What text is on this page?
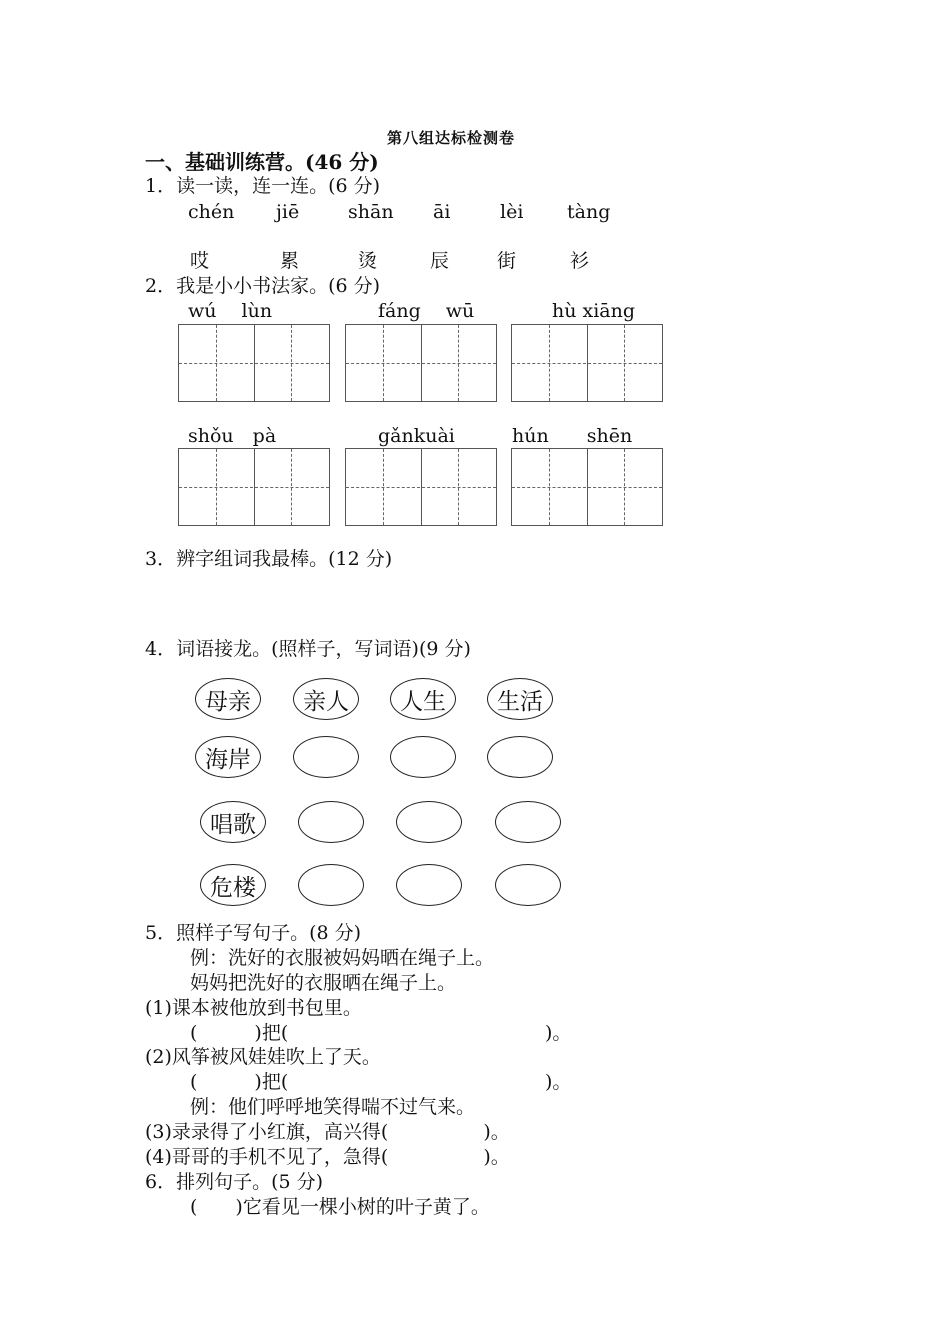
第八组达标检测卷
一、基础训练营。(46 分)
1．读一读，连一连。(6 分)
chén jiē	shān āi	lèi tàng
哎	累	烫	辰	街	衫
2．我是小小书法家。(6 分)
wú　 lùn	fáng　 wū	hù xiāng
shǒu　pà	gǎnkuài	hún　　shēn
3．辨字组词我最棒。(12 分)
4．词语接龙。(照样子，写词语)(9 分)
母亲	亲人	人生	生活
海岸
唱歌
危楼
5．照样子写句子。(8 分)
例：洗好的衣服被妈妈晒在绳子上。
妈妈把洗好的衣服晒在绳子上。
(1)课本被他放到书包里。
(　　　)把(	)。
(2)风筝被风娃娃吹上了天。
(　　　)把(	)。
例：他们呼呼地笑得喘不过气来。
(3)录录得了小红旗，高兴得(　　　　　)。
(4)哥哥的手机不见了，急得(　　　　　)。
6．排列句子。(5 分)
(　　)它看见一棵小树的叶子黄了。
